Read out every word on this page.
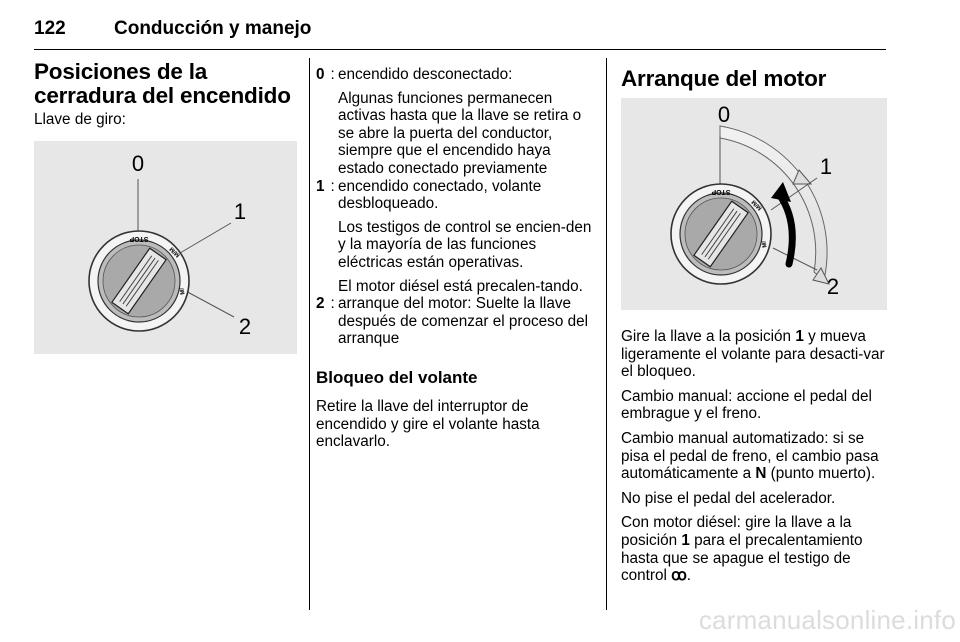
122	Conducción y manejo
Posiciones de la cerradura del encendido

Llave de giro:

0
1
2
STOP
M/M
M/
0 : encendido desconectado:

Algunas funciones permanecen activas hasta que la llave se retira o se abre la puerta del conductor, siempre que el encendido haya estado conectado previamente

1 : encendido conectado, volante desbloqueado.

Los testigos de control se encien‐den y la mayoría de las funciones eléctricas están operativas.

El motor diésel está precalen‐tando.

2 : arranque del motor: Suelte la llave después de comenzar el proceso del arranque

Bloqueo del volante

Retire la llave del interruptor de encendido y gire el volante hasta enclavarlo.

Arranque del motor
0
1
2
STOP
M/M
M/

Gire la llave a la posición 1 y mueva ligeramente el volante para desacti‐var el bloqueo.

Cambio manual: accione el pedal del embrague y el freno.

Cambio manual automatizado: si se pisa el pedal de freno, el cambio pasa automáticamente a N (punto muerto).

No pise el pedal del acelerador.

Con motor diésel: gire la llave a la posición 1 para el precalentamiento hasta que se apague el testigo de control ꝏ.

carmanualsonline.info
